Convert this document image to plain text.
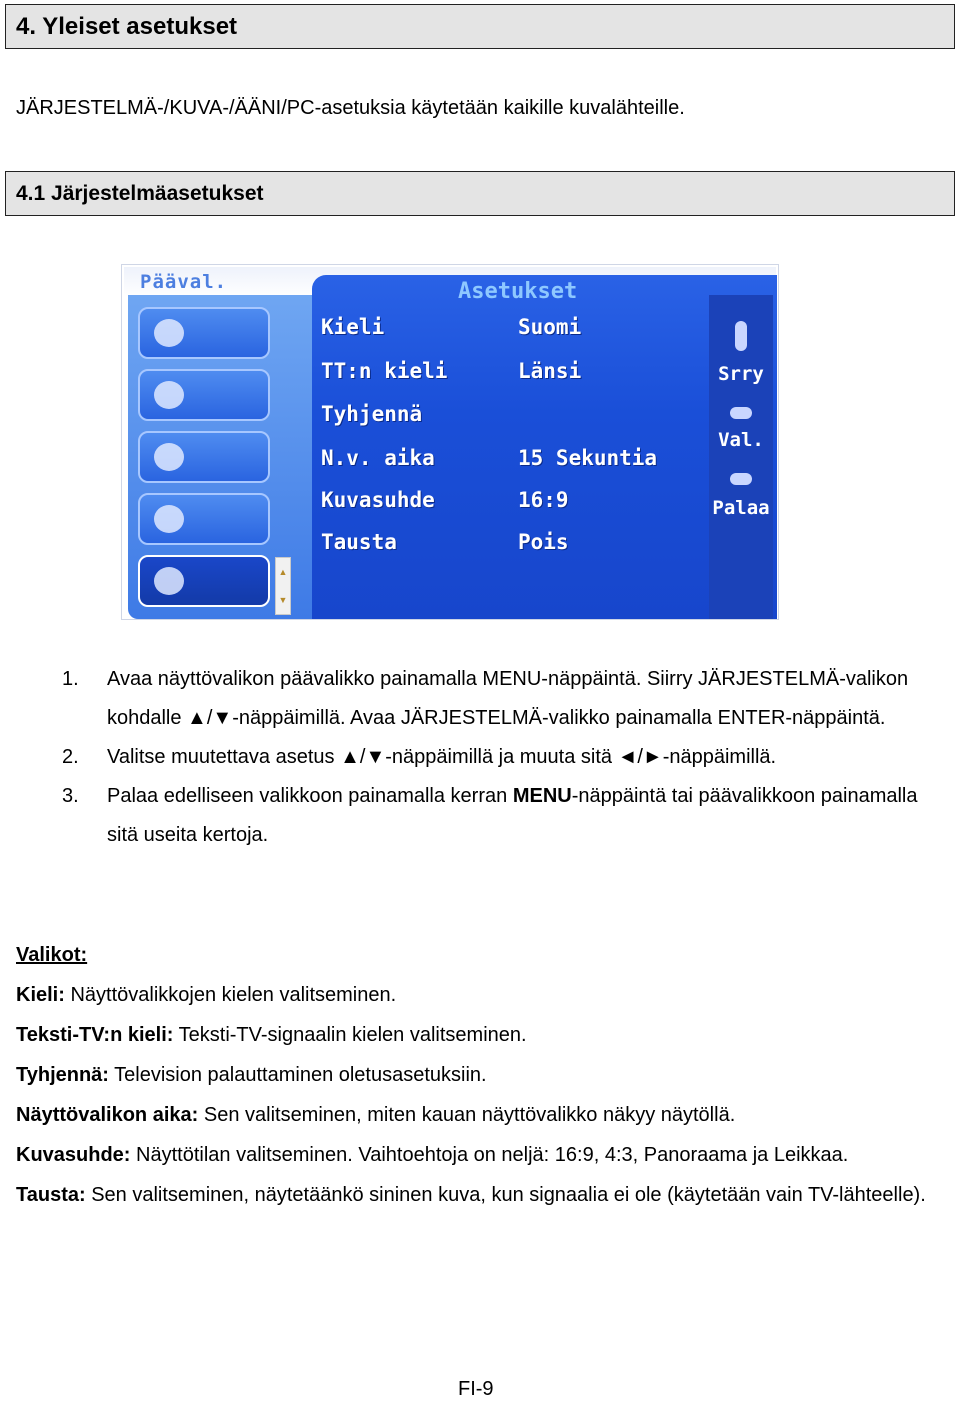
4. Yleiset asetukset
JÄRJESTELMÄ-/KUVA-/ÄÄNI/PC-asetuksia käytetään kaikille kuvalähteille.
4.1 Järjestelmäasetukset
Pääval.
▲
▼
Asetukset
Kieli	Suomi
TT:n kieli	Länsi
Tyhjennä
N.v. aika	15 Sekuntia
Kuvasuhde	16:9
Tausta	Pois
Srry
Val.
Palaa
1. Avaa näyttövalikon päävalikko painamalla MENU-näppäintä. Siirry JÄRJESTELMÄ-valikon kohdalle ▲/▼-näppäimillä. Avaa JÄRJESTELMÄ-valikko painamalla ENTER-näppäintä.
2. Valitse muutettava asetus ▲/▼-näppäimillä ja muuta sitä ◄/►-näppäimillä.
3. Palaa edelliseen valikkoon painamalla kerran MENU-näppäintä tai päävalikkoon painamalla sitä useita kertoja.
Valikot:
Kieli: Näyttövalikkojen kielen valitseminen.
Teksti-TV:n kieli: Teksti-TV-signaalin kielen valitseminen.
Tyhjennä: Television palauttaminen oletusasetuksiin.
Näyttövalikon aika: Sen valitseminen, miten kauan näyttövalikko näkyy näytöllä.
Kuvasuhde: Näyttötilan valitseminen. Vaihtoehtoja on neljä: 16:9, 4:3, Panoraama ja Leikkaa.
Tausta: Sen valitseminen, näytetäänkö sininen kuva, kun signaalia ei ole (käytetään vain TV-lähteelle).
FI-9
